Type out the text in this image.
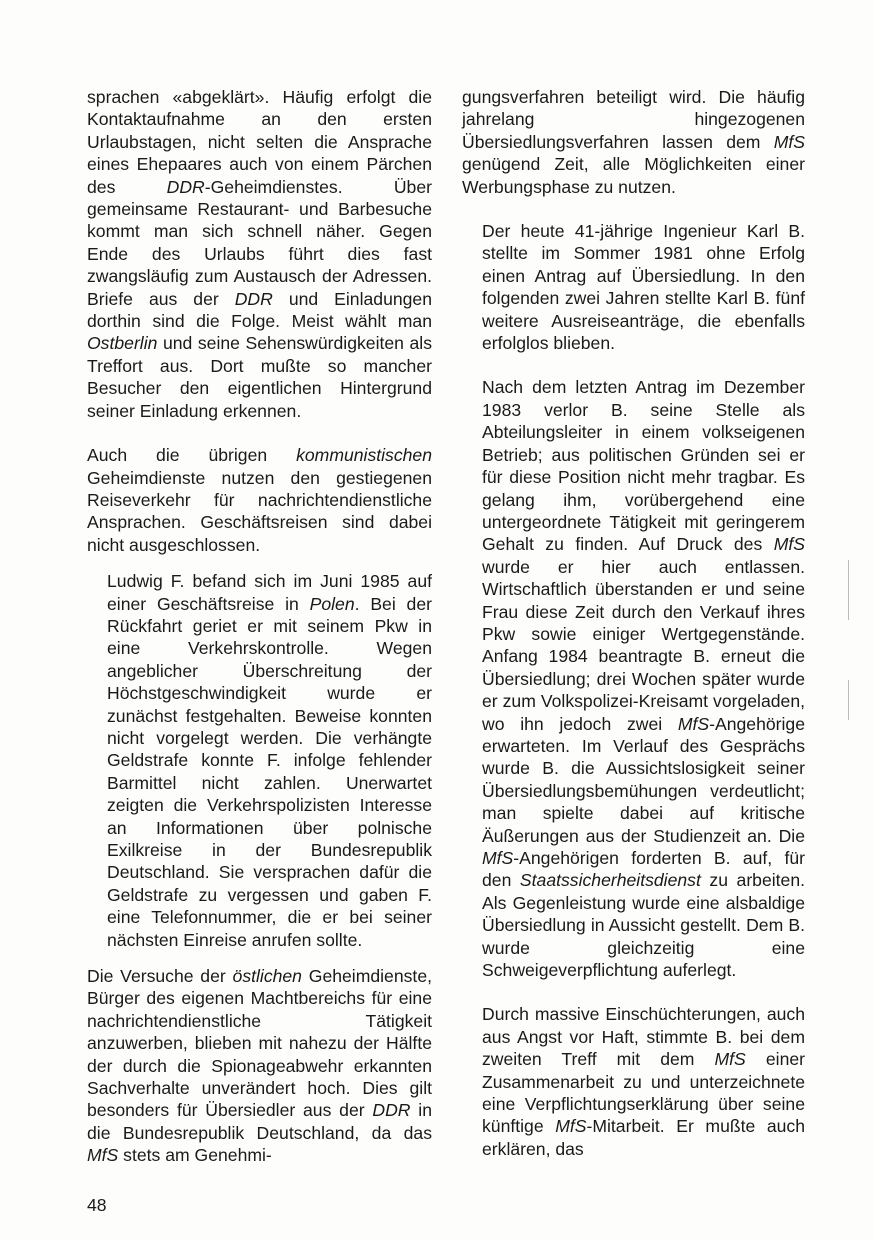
sprachen «abgeklärt». Häufig erfolgt die Kontaktaufnahme an den ersten Urlaubstagen, nicht selten die Ansprache eines Ehepaares auch von einem Pärchen des DDR-Geheimdienstes. Über gemeinsame Restaurant- und Barbesuche kommt man sich schnell näher. Gegen Ende des Urlaubs führt dies fast zwangsläufig zum Austausch der Adressen. Briefe aus der DDR und Einladungen dorthin sind die Folge. Meist wählt man Ostberlin und seine Sehenswürdigkeiten als Treffort aus. Dort mußte so mancher Besucher den eigentlichen Hintergrund seiner Einladung erkennen.

Auch die übrigen kommunistischen Geheimdienste nutzen den gestiegenen Reiseverkehr für nachrichtendienstliche Ansprachen. Geschäftsreisen sind dabei nicht ausgeschlossen.

Ludwig F. befand sich im Juni 1985 auf einer Geschäftsreise in Polen. Bei der Rückfahrt geriet er mit seinem Pkw in eine Verkehrskontrolle. Wegen angeblicher Überschreitung der Höchstgeschwindigkeit wurde er zunächst festgehalten. Beweise konnten nicht vorgelegt werden. Die verhängte Geldstrafe konnte F. infolge fehlender Barmittel nicht zahlen. Unerwartet zeigten die Verkehrspolizisten Interesse an Informationen über polnische Exilkreise in der Bundesrepublik Deutschland. Sie versprachen dafür die Geldstrafe zu vergessen und gaben F. eine Telefonnummer, die er bei seiner nächsten Einreise anrufen sollte.

Die Versuche der östlichen Geheimdienste, Bürger des eigenen Machtbereichs für eine nachrichtendienstliche Tätigkeit anzuwerben, blieben mit nahezu der Hälfte der durch die Spionageabwehr erkannten Sachverhalte unverändert hoch. Dies gilt besonders für Übersiedler aus der DDR in die Bundesrepublik Deutschland, da das MfS stets am Genehmi-

gungsverfahren beteiligt wird. Die häufig jahrelang hingezogenen Übersiedlungsverfahren lassen dem MfS genügend Zeit, alle Möglichkeiten einer Werbungsphase zu nutzen.

Der heute 41-jährige Ingenieur Karl B. stellte im Sommer 1981 ohne Erfolg einen Antrag auf Übersiedlung. In den folgenden zwei Jahren stellte Karl B. fünf weitere Ausreiseanträge, die ebenfalls erfolglos blieben.

Nach dem letzten Antrag im Dezember 1983 verlor B. seine Stelle als Abteilungsleiter in einem volkseigenen Betrieb; aus politischen Gründen sei er für diese Position nicht mehr tragbar. Es gelang ihm, vorübergehend eine untergeordnete Tätigkeit mit geringerem Gehalt zu finden. Auf Druck des MfS wurde er hier auch entlassen. Wirtschaftlich überstanden er und seine Frau diese Zeit durch den Verkauf ihres Pkw sowie einiger Wertgegenstände. Anfang 1984 beantragte B. erneut die Übersiedlung; drei Wochen später wurde er zum Volkspolizei-Kreisamt vorgeladen, wo ihn jedoch zwei MfS-Angehörige erwarteten. Im Verlauf des Gesprächs wurde B. die Aussichtslosigkeit seiner Übersiedlungsbemühungen verdeutlicht; man spielte dabei auf kritische Äußerungen aus der Studienzeit an. Die MfS-Angehörigen forderten B. auf, für den Staatssicherheitsdienst zu arbeiten. Als Gegenleistung wurde eine alsbaldige Übersiedlung in Aussicht gestellt. Dem B. wurde gleichzeitig eine Schweigeverpflichtung auferlegt.

Durch massive Einschüchterungen, auch aus Angst vor Haft, stimmte B. bei dem zweiten Treff mit dem MfS einer Zusammenarbeit zu und unterzeichnete eine Verpflichtungserklärung über seine künftige MfS-Mitarbeit. Er mußte auch erklären, das

48
